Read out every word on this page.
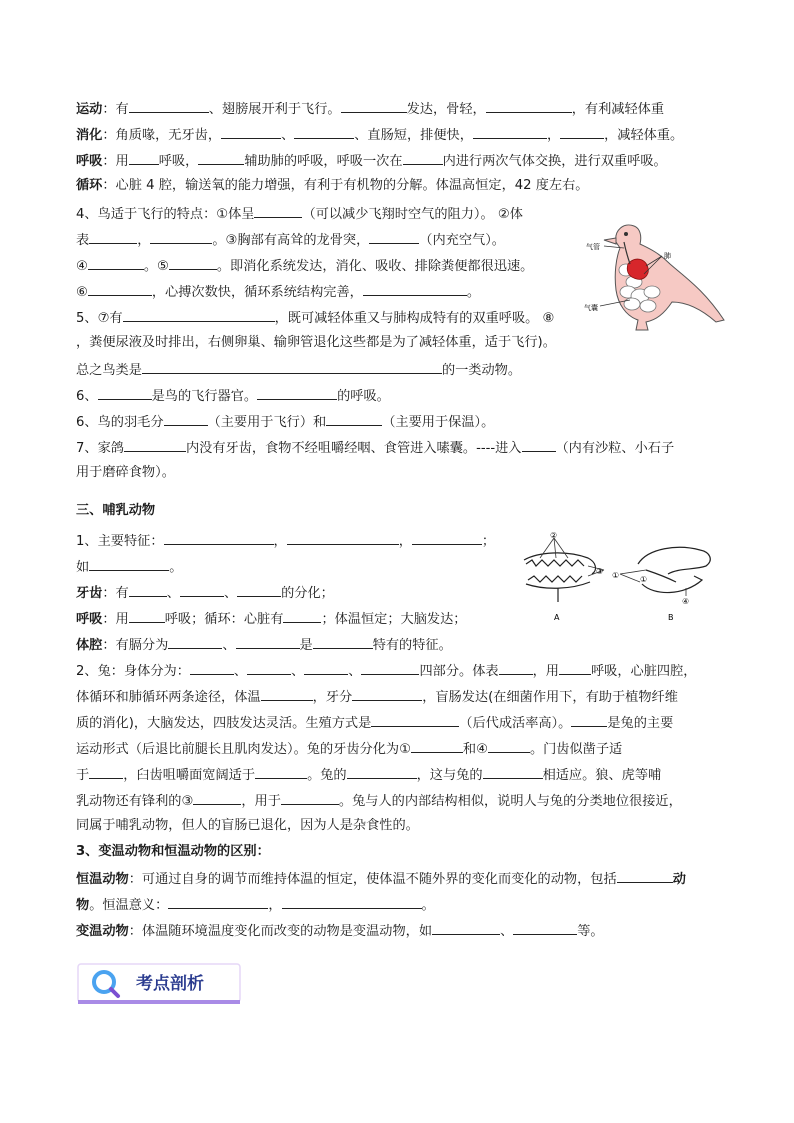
运动：有	、翅膀展开利于飞行。	发达，骨轻，	，有利减轻体重
消化：角质喙，无牙齿，	、	、直肠短，排便快，	，	，减轻体重。
呼吸：用 呼吸，	辅助肺的呼吸，呼吸一次在	内进行两次气体交换，进行双重呼吸。
循环：心脏 4 腔，输送氧的能力增强，有利于有机物的分解。体温高恒定，42 度左右。
4、鸟适于飞行的特点：①体呈	（可以减少飞翔时空气的阻力）。 ②体
表	，	。③胸部有高耸的龙骨突，	（内充空气）。
④	。⑤	。即消化系统发达，消化、吸收、排除粪便都很迅速。
⑥	，心搏次数快，循环系统结构完善，	。
5、⑦有	，既可减轻体重又与肺构成特有的双重呼吸。 ⑧
，粪便尿液及时排出，右侧卵巢、输卵管退化这些都是为了减轻体重，适于飞行)。
总之鸟类是	的一类动物。
6、	是鸟的飞行器官。	的呼吸。
6、鸟的羽毛分	（主要用于飞行）和	（主要用于保温）。
7、家鸽	内没有牙齿，食物不经咀嚼经咽、食管进入嗉囊。----进入	（内有沙粒、小石子
用于磨碎食物）。
三、哺乳动物
1、主要特征：	，	，	；
如	。
牙齿：有	、	、	的分化；
呼吸：用	呼吸；循环：心脏有	；体温恒定；大脑发达；
体腔：有膈分为	、	是	特有的特征。
2、兔：身体分为：	、	、	、	四部分。体表	，用 呼吸，心脏四腔，
体循环和肺循环两条途径，体温	，牙分	，盲肠发达(在细菌作用下，有助于植物纤维
质的消化)，大脑发达，四肢发达灵活。生殖方式是	（后代成活率高）。	是兔的主要
运动形式（后退比前腿长且肌肉发达）。兔的牙齿分化为①	和④	。门齿似凿子适
于	，臼齿咀嚼面宽阔适于	。兔的	，这与兔的	相适应。狼、虎等哺
乳动物还有锋利的③	，用于	。兔与人的内部结构相似，说明人与兔的分类地位很接近，
同属于哺乳动物，但人的盲肠已退化，因为人是杂食性的。
3、变温动物和恒温动物的区别：
恒温动物：可通过自身的调节而维持体温的恒定，使体温不随外界的变化而变化的动物，包括	动
物。恒温意义：	，	。
变温动物：体温随环境温度变化而改变的动物是变温动物，如	、	等。
气管
肺
气囊
②
③ ①	①
④
A	B
考点剖析
